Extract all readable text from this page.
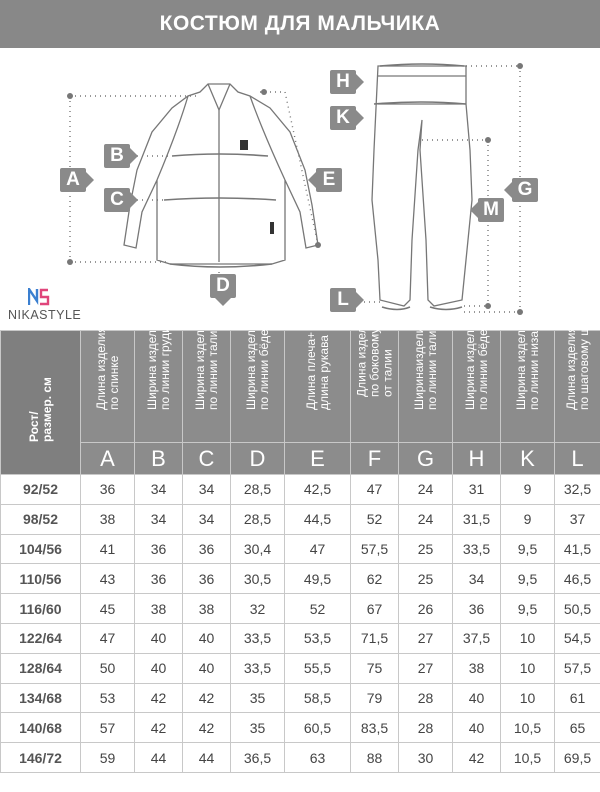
КОСТЮМ ДЛЯ МАЛЬЧИКА
A
B
C
D
E
H
K
G
M
L
NIKASTYLE
Рост/
размер. см	Длина изделия
по спинке	Ширина изделия
по линии груди	Ширина изделия
по линии талии	Ширина изделия
по линии бёдер	Длина плеча+
длина рукава	Длина изделия
по боковому шву
от талии	Ширинаизделия
по линии талии	Ширина изделия
по линии бёдер	Ширина изделия
по линии низа	Длина изделия
по шаговому шву

	A	B	C	D	E	F	G	H	K	L
92/52	36	34	34	28,5	42,5	47	24	31	9	32,5
98/52	38	34	34	28,5	44,5	52	24	31,5	9	37
104/56	41	36	36	30,4	47	57,5	25	33,5	9,5	41,5
110/56	43	36	36	30,5	49,5	62	25	34	9,5	46,5
116/60	45	38	38	32	52	67	26	36	9,5	50,5
122/64	47	40	40	33,5	53,5	71,5	27	37,5	10	54,5
128/64	50	40	40	33,5	55,5	75	27	38	10	57,5
134/68	53	42	42	35	58,5	79	28	40	10	61
140/68	57	42	42	35	60,5	83,5	28	40	10,5	65
146/72	59	44	44	36,5	63	88	30	42	10,5	69,5
